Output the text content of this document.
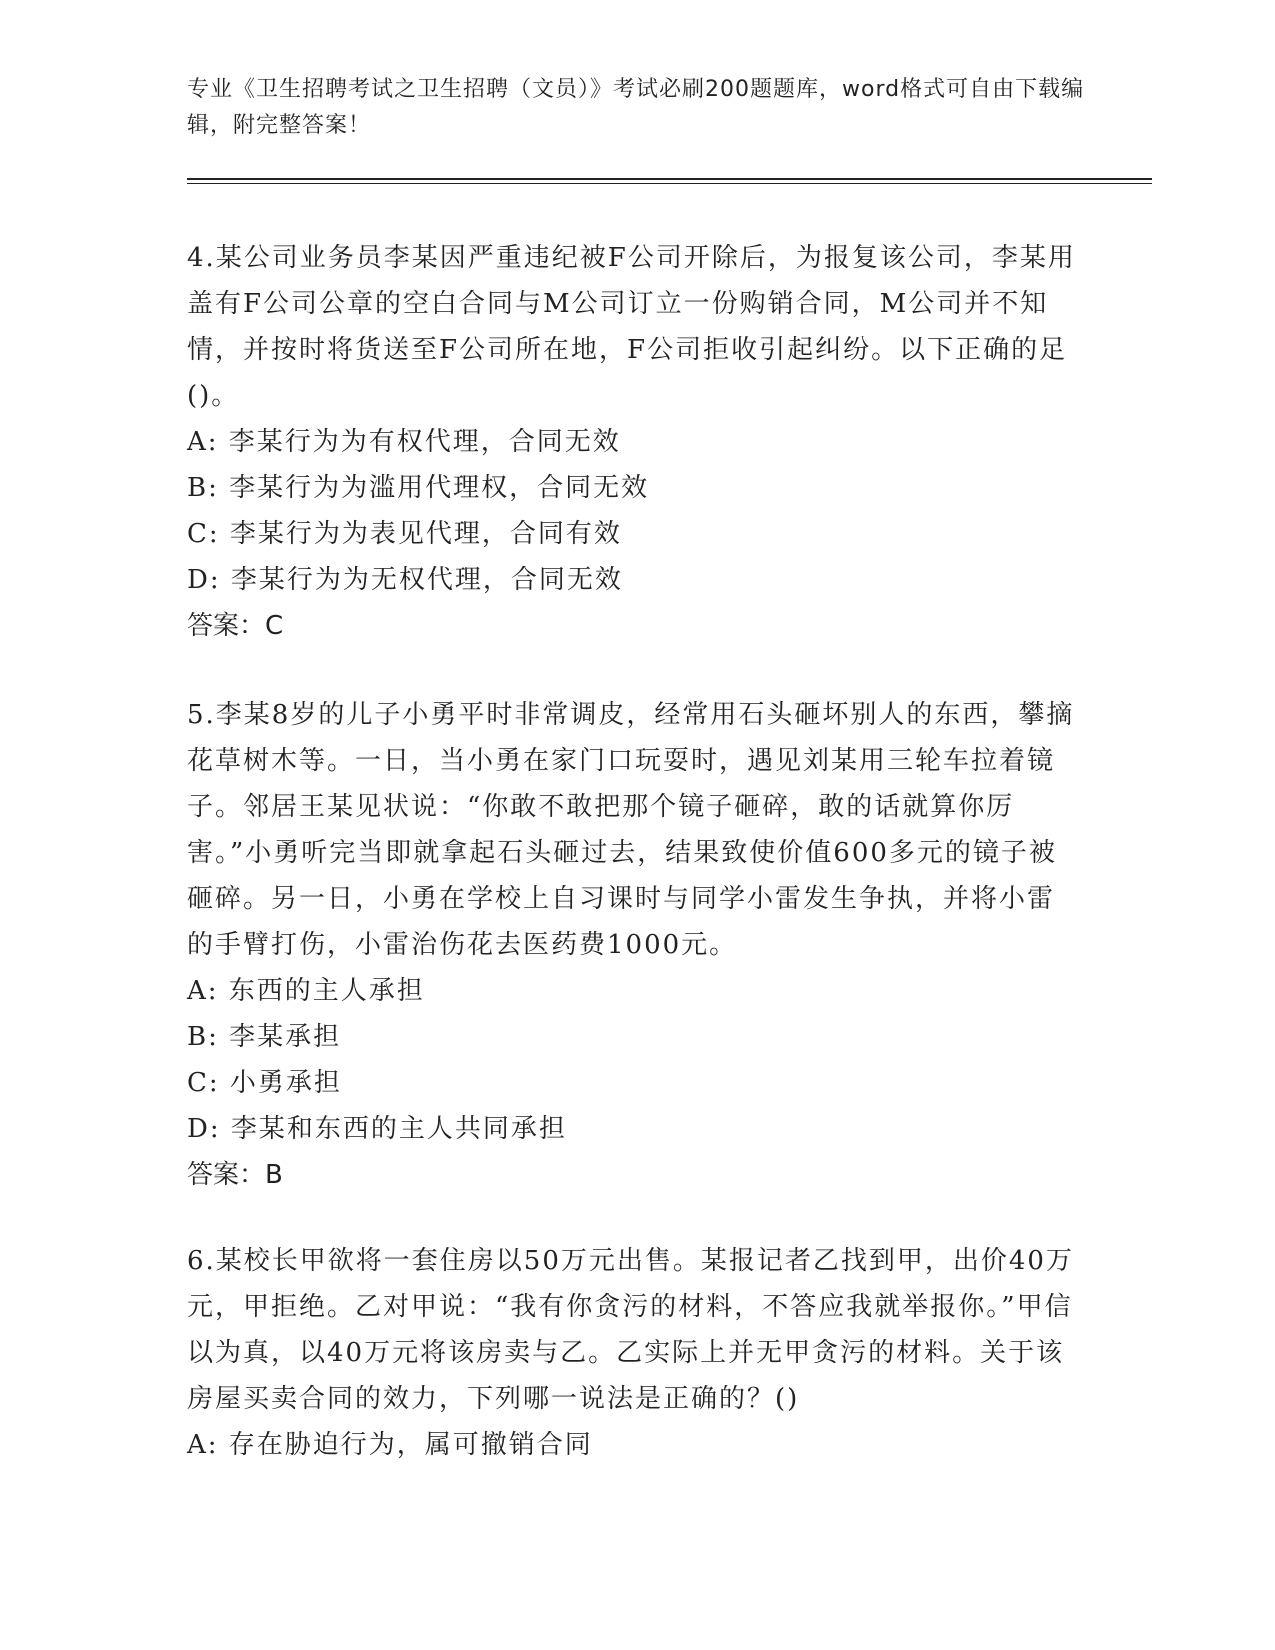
专业《卫生招聘考试之卫生招聘（文员）》考试必刷200题题库，word格式可自由下载编辑，附完整答案！
4.某公司业务员李某因严重违纪被F公司开除后，为报复该公司，李某用盖有F公司公章的空白合同与M公司订立一份购销合同，M公司并不知情，并按时将货送至F公司所在地，F公司拒收引起纠纷。以下正确的足()。
A: 李某行为为有权代理，合同无效
B: 李某行为为滥用代理权，合同无效
C: 李某行为为表见代理，合同有效
D: 李某行为为无权代理，合同无效
答案：C
5.李某8岁的儿子小勇平时非常调皮，经常用石头砸坏别人的东西，攀摘花草树木等。一日，当小勇在家门口玩耍时，遇见刘某用三轮车拉着镜子。邻居王某见状说：“你敢不敢把那个镜子砸碎，敢的话就算你厉害。”小勇听完当即就拿起石头砸过去，结果致使价值600多元的镜子被砸碎。另一日，小勇在学校上自习课时与同学小雷发生争执，并将小雷的手臂打伤，小雷治伤花去医药费1000元。
A: 东西的主人承担
B: 李某承担
C: 小勇承担
D: 李某和东西的主人共同承担
答案：B
6.某校长甲欲将一套住房以50万元出售。某报记者乙找到甲，出价40万元，甲拒绝。乙对甲说：“我有你贪污的材料，不答应我就举报你。”甲信以为真，以40万元将该房卖与乙。乙实际上并无甲贪污的材料。关于该房屋买卖合同的效力，下列哪一说法是正确的？()
A: 存在胁迫行为，属可撤销合同
